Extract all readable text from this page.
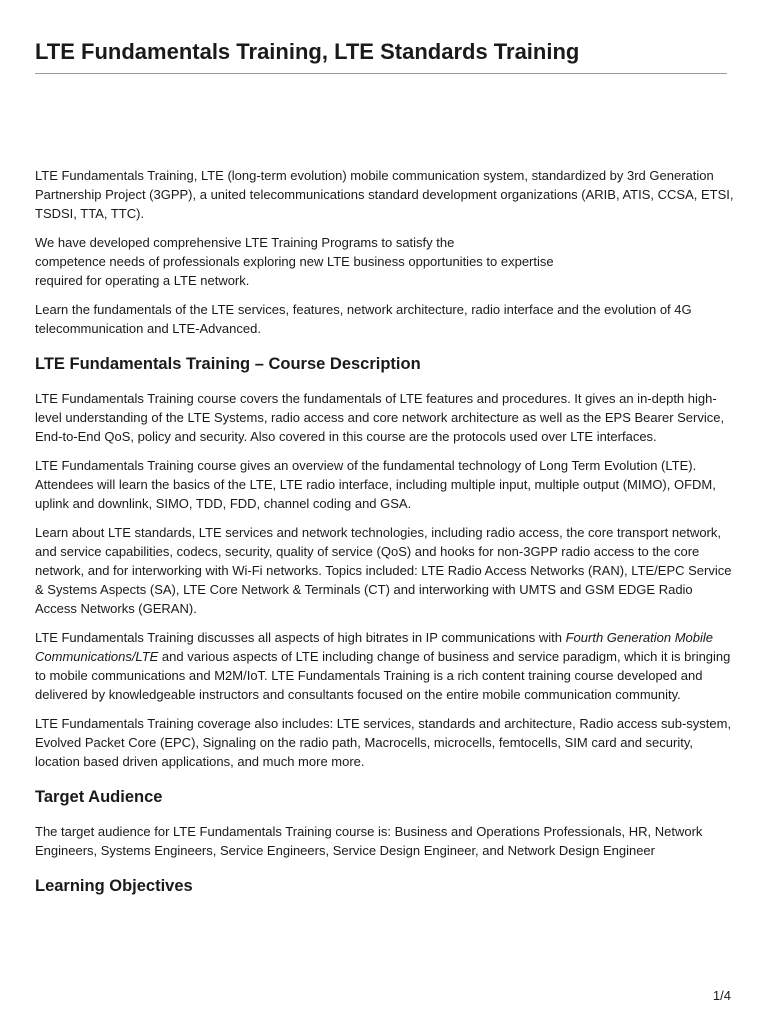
LTE Fundamentals Training, LTE Standards Training

LTE Fundamentals Training, LTE (long-term evolution) mobile communication system, standardized by 3rd Generation Partnership Project (3GPP), a united telecommunications standard development organizations (ARIB, ATIS, CCSA, ETSI, TSDSI, TTA, TTC).

We have developed comprehensive LTE Training Programs to satisfy the
competence needs of professionals exploring new LTE business opportunities to expertise
required for operating a LTE network.

Learn the fundamentals of the LTE services, features, network architecture, radio interface and the evolution of 4G telecommunication and LTE-Advanced.

LTE Fundamentals Training – Course Description

LTE Fundamentals Training course covers the fundamentals of LTE features and procedures. It gives an in-depth high-level understanding of the LTE Systems, radio access and core network architecture as well as the EPS Bearer Service, End-to-End QoS, policy and security. Also covered in this course are the protocols used over LTE interfaces.

LTE Fundamentals Training course gives an overview of the fundamental technology of Long Term Evolution (LTE). Attendees will learn the basics of the LTE, LTE radio interface, including multiple input, multiple output (MIMO), OFDM, uplink and downlink, SIMO, TDD, FDD, channel coding and GSA.

Learn about LTE standards, LTE services and network technologies, including radio access, the core transport network, and service capabilities, codecs, security, quality of service (QoS) and hooks for non-3GPP radio access to the core network, and for interworking with Wi-Fi networks. Topics included: LTE Radio Access Networks (RAN), LTE/EPC Service & Systems Aspects (SA), LTE Core Network & Terminals (CT) and interworking with UMTS and GSM EDGE Radio Access Networks (GERAN).

LTE Fundamentals Training discusses all aspects of high bitrates in IP communications with Fourth Generation Mobile Communications/LTE and various aspects of LTE including change of business and service paradigm, which it is bringing to mobile communications and M2M/IoT. LTE Fundamentals Training is a rich content training course developed and delivered by knowledgeable instructors and consultants focused on the entire mobile communication community.

LTE Fundamentals Training coverage also includes: LTE services, standards and architecture, Radio access sub-system, Evolved Packet Core (EPC), Signaling on the radio path, Macrocells, microcells, femtocells, SIM card and security, location based driven applications, and much more more.

Target Audience

The target audience for LTE Fundamentals Training course is: Business and Operations Professionals, HR, Network Engineers, Systems Engineers, Service Engineers, Service Design Engineer, and Network Design Engineer

Learning Objectives
1/4
